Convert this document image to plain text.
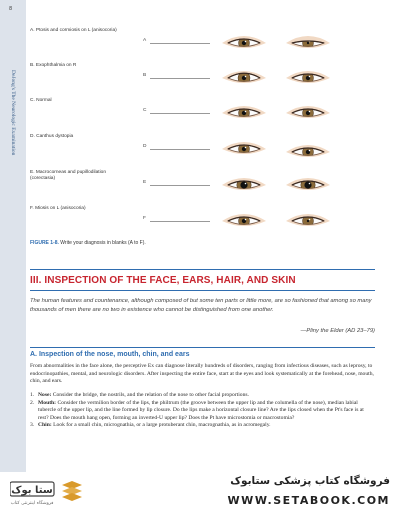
8
DeJong's The Neurologic Examination
A. Ptosis and cormiosis on L (anisocoria)
A
B. Exophthalmia on R
B
C. Normal
C
D. Canthus dystopia
D
E. Macrocorneas and pupillodilation (corectasia)
E
F. Miosis on L (anisocoria)
F
FIGURE 1-8. Write your diagnosis in blanks (A to F).
III. INSPECTION OF THE FACE, EARS, HAIR, AND SKIN
The human features and countenance, although composed of but some ten parts or little more, are so fashioned that among so many thousands of men there are no two in existence who cannot be distinguished from one another.
—Pliny the Elder (AD 23–79)
A. Inspection of the nose, mouth, chin, and ears
From abnormalities in the face alone, the perceptive Ex can diagnose literally hundreds of disorders, ranging from infectious diseases, such as leprosy, to endocrinopathies, mental, and neurologic disorders. After inspecting the entire face, start at the eyes and look systematically at the forehead, nose, mouth, chin, and ears.
1. Nose: Consider the bridge, the nostrils, and the relation of the nose to other facial proportions.
2. Mouth: Consider the vermilion border of the lips, the philtrum (the groove between the upper lip and the columella of the nose), median labial tubercle of the upper lip, and the line formed by lip closure. Do the lips make a horizontal closure line? Are the lips closed when the Pt's face is at rest? Does the mouth hang open, forming an inverted-U upper lip? Does the Pt have microstomia or macrostomia?
3. Chin: Look for a small chin, micrognathia, or a large protuberant chin, macrognathia, as in acromegaly.
ستا بوک
فروشگاه اینترنتی کتاب
فروشگاه کتاب پزشکی ستابوک
WWW.SETABOOK.COM
